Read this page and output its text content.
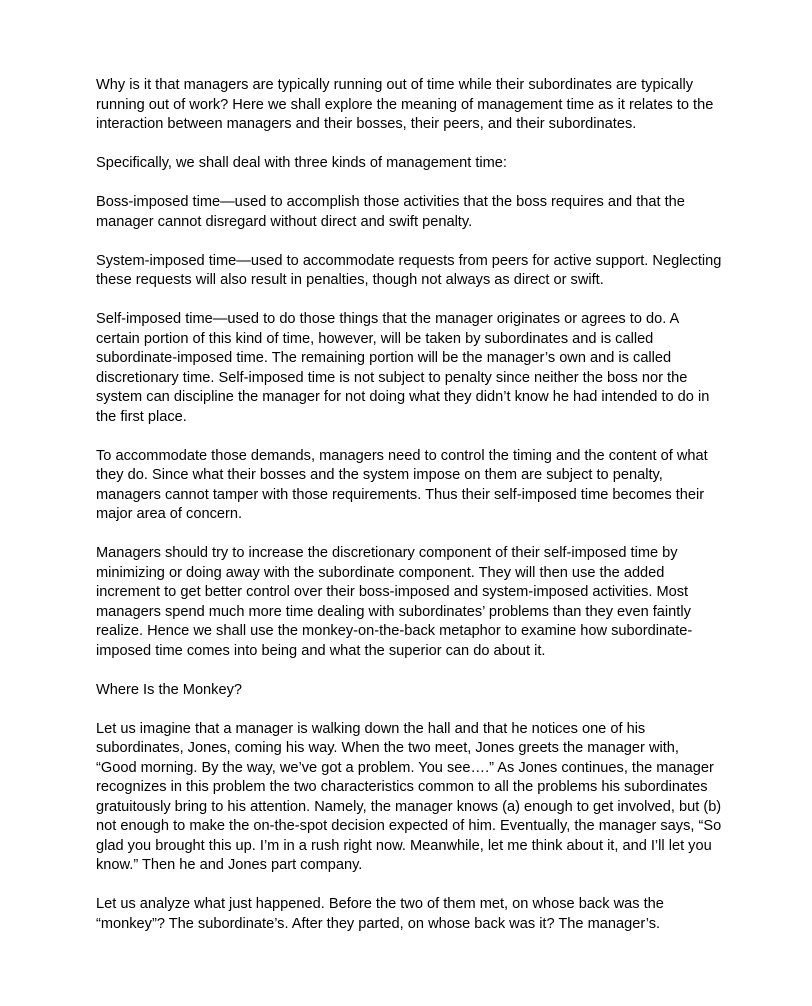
Why is it that managers are typically running out of time while their subordinates are typically running out of work? Here we shall explore the meaning of management time as it relates to the interaction between managers and their bosses, their peers, and their subordinates.

Specifically, we shall deal with three kinds of management time:

Boss-imposed time—used to accomplish those activities that the boss requires and that the manager cannot disregard without direct and swift penalty.

System-imposed time—used to accommodate requests from peers for active support. Neglecting these requests will also result in penalties, though not always as direct or swift.

Self-imposed time—used to do those things that the manager originates or agrees to do. A certain portion of this kind of time, however, will be taken by subordinates and is called subordinate-imposed time. The remaining portion will be the manager’s own and is called discretionary time. Self-imposed time is not subject to penalty since neither the boss nor the system can discipline the manager for not doing what they didn’t know he had intended to do in the first place.

To accommodate those demands, managers need to control the timing and the content of what they do. Since what their bosses and the system impose on them are subject to penalty, managers cannot tamper with those requirements. Thus their self-imposed time becomes their major area of concern.

Managers should try to increase the discretionary component of their self-imposed time by minimizing or doing away with the subordinate component. They will then use the added increment to get better control over their boss-imposed and system-imposed activities. Most managers spend much more time dealing with subordinates’ problems than they even faintly realize. Hence we shall use the monkey-on-the-back metaphor to examine how subordinate-imposed time comes into being and what the superior can do about it.

Where Is the Monkey?

Let us imagine that a manager is walking down the hall and that he notices one of his subordinates, Jones, coming his way. When the two meet, Jones greets the manager with, “Good morning. By the way, we’ve got a problem. You see….” As Jones continues, the manager recognizes in this problem the two characteristics common to all the problems his subordinates gratuitously bring to his attention. Namely, the manager knows (a) enough to get involved, but (b) not enough to make the on-the-spot decision expected of him. Eventually, the manager says, “So glad you brought this up. I’m in a rush right now. Meanwhile, let me think about it, and I’ll let you know.” Then he and Jones part company.

Let us analyze what just happened. Before the two of them met, on whose back was the “monkey”? The subordinate’s. After they parted, on whose back was it? The manager’s.
